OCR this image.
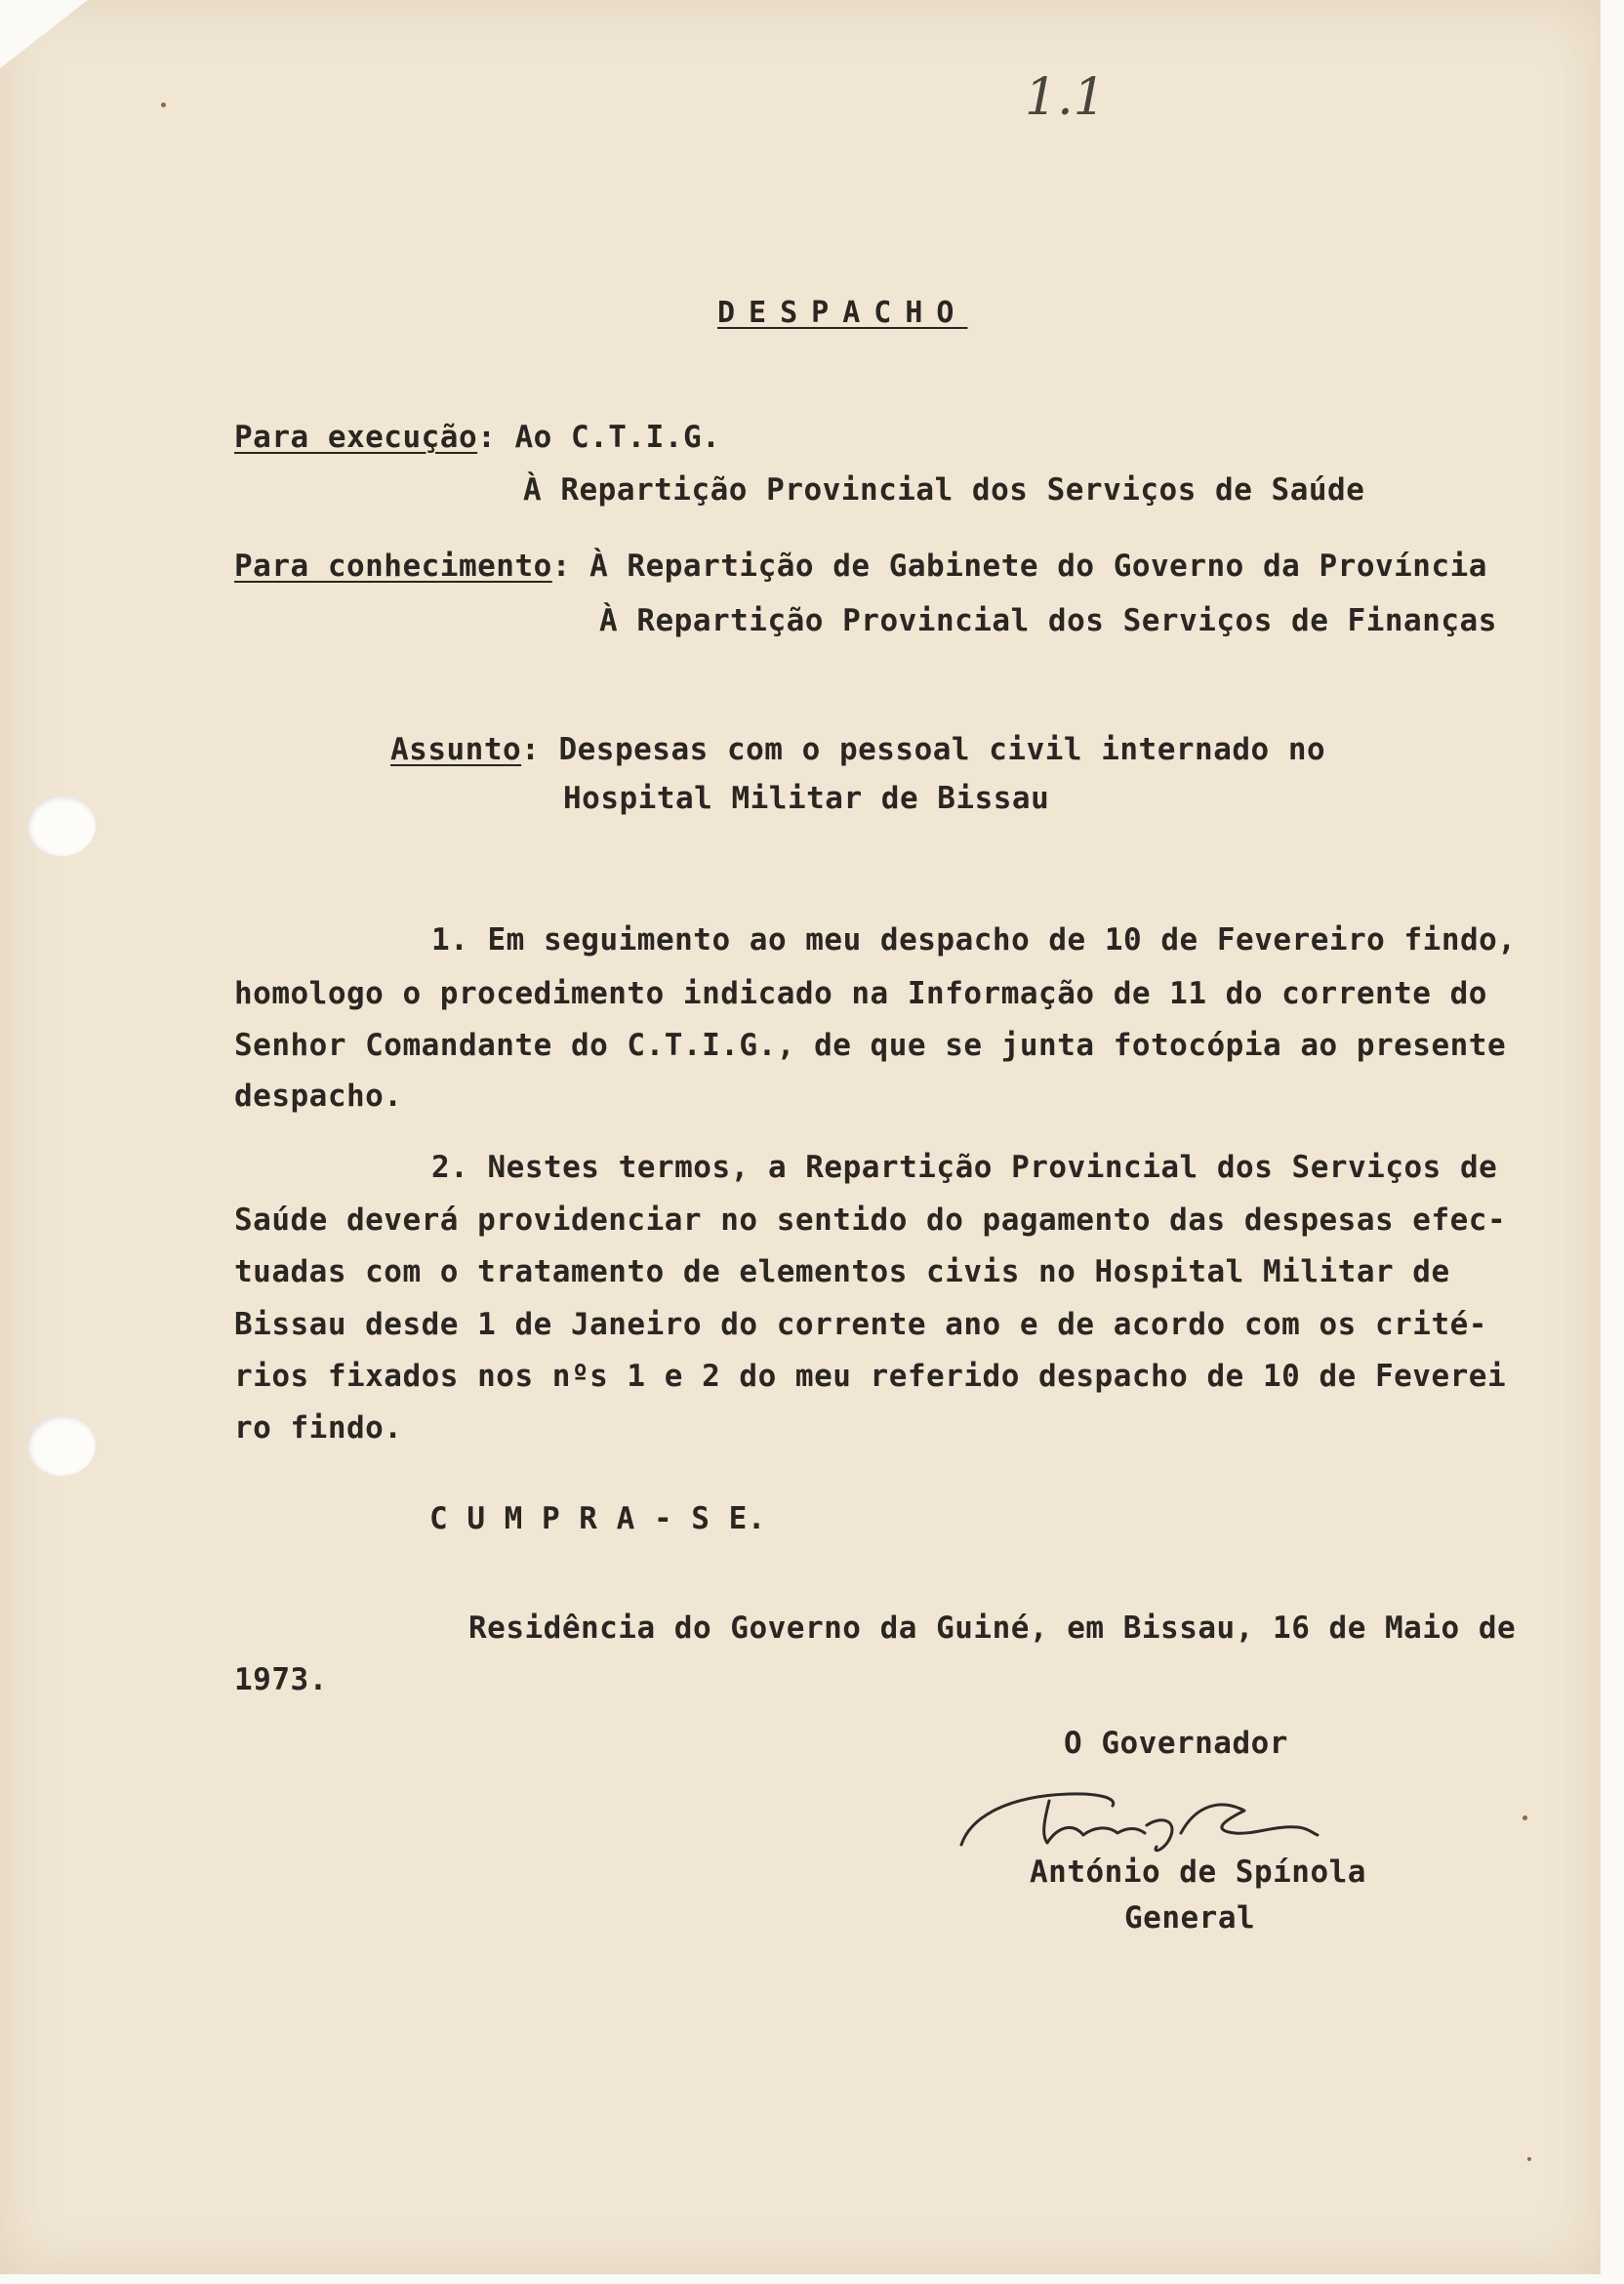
1.1
DESPACHO
Para execução: Ao C.T.I.G.
À Repartição Provincial dos Serviços de Saúde
Para conhecimento: À Repartição de Gabinete do Governo da Província
À Repartição Provincial dos Serviços de Finanças
Assunto: Despesas com o pessoal civil internado no
Hospital Militar de Bissau
1. Em seguimento ao meu despacho de 10 de Fevereiro findo,
homologo o procedimento indicado na Informação de 11 do corrente do
Senhor Comandante do C.T.I.G., de que se junta fotocópia ao presente
despacho.
2. Nestes termos, a Repartição Provincial dos Serviços de
Saúde deverá providenciar no sentido do pagamento das despesas efec-
tuadas com o tratamento de elementos civis no Hospital Militar de
Bissau desde 1 de Janeiro do corrente ano e de acordo com os crité-
rios fixados nos nºs 1 e 2 do meu referido despacho de 10 de Feverei
ro findo.
C U M P R A - S E.
Residência do Governo da Guiné, em Bissau, 16 de Maio de
1973.
O Governador
António de Spínola
General
